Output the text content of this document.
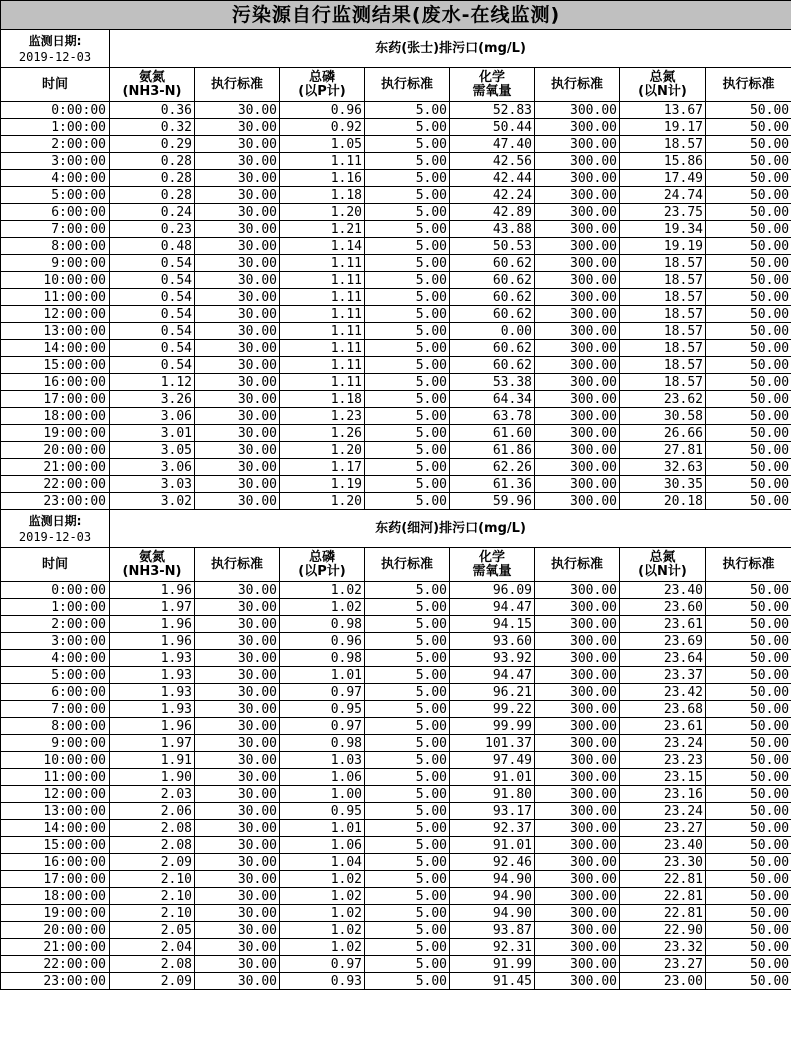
污染源自行监测结果(废水-在线监测)								

监测日期:
2019-12-03	东药(张士)排污口(mg/L)							

时间	氨氮
(NH3-N)	执行标准	总磷
(以P计)	执行标准	化学
需氧量	执行标准	总氮
(以N计)	执行标准

0:00:00	0.36	30.00	0.96	5.00	52.83	300.00	13.67	50.00
1:00:00	0.32	30.00	0.92	5.00	50.44	300.00	19.17	50.00
2:00:00	0.29	30.00	1.05	5.00	47.40	300.00	18.57	50.00
3:00:00	0.28	30.00	1.11	5.00	42.56	300.00	15.86	50.00
4:00:00	0.28	30.00	1.16	5.00	42.44	300.00	17.49	50.00
5:00:00	0.28	30.00	1.18	5.00	42.24	300.00	24.74	50.00
6:00:00	0.24	30.00	1.20	5.00	42.89	300.00	23.75	50.00
7:00:00	0.23	30.00	1.21	5.00	43.88	300.00	19.34	50.00
8:00:00	0.48	30.00	1.14	5.00	50.53	300.00	19.19	50.00
9:00:00	0.54	30.00	1.11	5.00	60.62	300.00	18.57	50.00
10:00:00	0.54	30.00	1.11	5.00	60.62	300.00	18.57	50.00
11:00:00	0.54	30.00	1.11	5.00	60.62	300.00	18.57	50.00
12:00:00	0.54	30.00	1.11	5.00	60.62	300.00	18.57	50.00
13:00:00	0.54	30.00	1.11	5.00	0.00	300.00	18.57	50.00
14:00:00	0.54	30.00	1.11	5.00	60.62	300.00	18.57	50.00
15:00:00	0.54	30.00	1.11	5.00	60.62	300.00	18.57	50.00
16:00:00	1.12	30.00	1.11	5.00	53.38	300.00	18.57	50.00
17:00:00	3.26	30.00	1.18	5.00	64.34	300.00	23.62	50.00
18:00:00	3.06	30.00	1.23	5.00	63.78	300.00	30.58	50.00
19:00:00	3.01	30.00	1.26	5.00	61.60	300.00	26.66	50.00
20:00:00	3.05	30.00	1.20	5.00	61.86	300.00	27.81	50.00
21:00:00	3.06	30.00	1.17	5.00	62.26	300.00	32.63	50.00
22:00:00	3.03	30.00	1.19	5.00	61.36	300.00	30.35	50.00
23:00:00	3.02	30.00	1.20	5.00	59.96	300.00	20.18	50.00

监测日期:
2019-12-03	东药(细河)排污口(mg/L)							

时间	氨氮
(NH3-N)	执行标准	总磷
(以P计)	执行标准	化学
需氧量	执行标准	总氮
(以N计)	执行标准

0:00:00	1.96	30.00	1.02	5.00	96.09	300.00	23.40	50.00
1:00:00	1.97	30.00	1.02	5.00	94.47	300.00	23.60	50.00
2:00:00	1.96	30.00	0.98	5.00	94.15	300.00	23.61	50.00
3:00:00	1.96	30.00	0.96	5.00	93.60	300.00	23.69	50.00
4:00:00	1.93	30.00	0.98	5.00	93.92	300.00	23.64	50.00
5:00:00	1.93	30.00	1.01	5.00	94.47	300.00	23.37	50.00
6:00:00	1.93	30.00	0.97	5.00	96.21	300.00	23.42	50.00
7:00:00	1.93	30.00	0.95	5.00	99.22	300.00	23.68	50.00
8:00:00	1.96	30.00	0.97	5.00	99.99	300.00	23.61	50.00
9:00:00	1.97	30.00	0.98	5.00	101.37	300.00	23.24	50.00
10:00:00	1.91	30.00	1.03	5.00	97.49	300.00	23.23	50.00
11:00:00	1.90	30.00	1.06	5.00	91.01	300.00	23.15	50.00
12:00:00	2.03	30.00	1.00	5.00	91.80	300.00	23.16	50.00
13:00:00	2.06	30.00	0.95	5.00	93.17	300.00	23.24	50.00
14:00:00	2.08	30.00	1.01	5.00	92.37	300.00	23.27	50.00
15:00:00	2.08	30.00	1.06	5.00	91.01	300.00	23.40	50.00
16:00:00	2.09	30.00	1.04	5.00	92.46	300.00	23.30	50.00
17:00:00	2.10	30.00	1.02	5.00	94.90	300.00	22.81	50.00
18:00:00	2.10	30.00	1.02	5.00	94.90	300.00	22.81	50.00
19:00:00	2.10	30.00	1.02	5.00	94.90	300.00	22.81	50.00
20:00:00	2.05	30.00	1.02	5.00	93.87	300.00	22.90	50.00
21:00:00	2.04	30.00	1.02	5.00	92.31	300.00	23.32	50.00
22:00:00	2.08	30.00	0.97	5.00	91.99	300.00	23.27	50.00
23:00:00	2.09	30.00	0.93	5.00	91.45	300.00	23.00	50.00
